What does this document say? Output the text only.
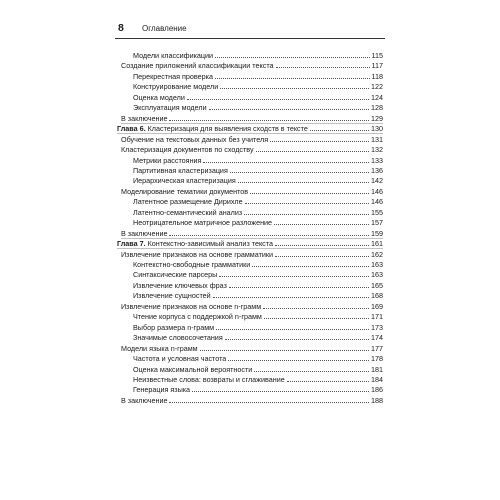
8 Оглавление
Модели классификации	115
Создание приложений классификации текста	117
Перекрестная проверка	118
Конструирование модели	122
Оценка модели	124
Эксплуатация модели	128
В заключение	129
Глава 6. Кластеризация для выявления сходств в тексте	130
Обучение на текстовых данных без учителя	131
Кластеризация документов по сходству	132
Метрики расстояния	133
Партитивная кластеризация	136
Иерархическая кластеризация	142
Моделирование тематики документов	146
Латентное размещение Дирихле	146
Латентно-семантический анализ	155
Неотрицательное матричное разложение	157
В заключение	159
Глава 7. Контекстно-зависимый анализ текста	161
Извлечение признаков на основе грамматики	162
Контекстно-свободные грамматики	163
Синтаксические парсеры	163
Извлечение ключевых фраз	165
Извлечение сущностей	168
Извлечение признаков на основе n-грамм	169
Чтение корпуса с поддержкой n-грамм	171
Выбор размера n-грамм	173
Значимые словосочетания	174
Модели языка n-грамм	177
Частота и условная частота	178
Оценка максимальной вероятности	181
Неизвестные слова: возвраты и сглаживание	184
Генерация языка	186
В заключение	188
